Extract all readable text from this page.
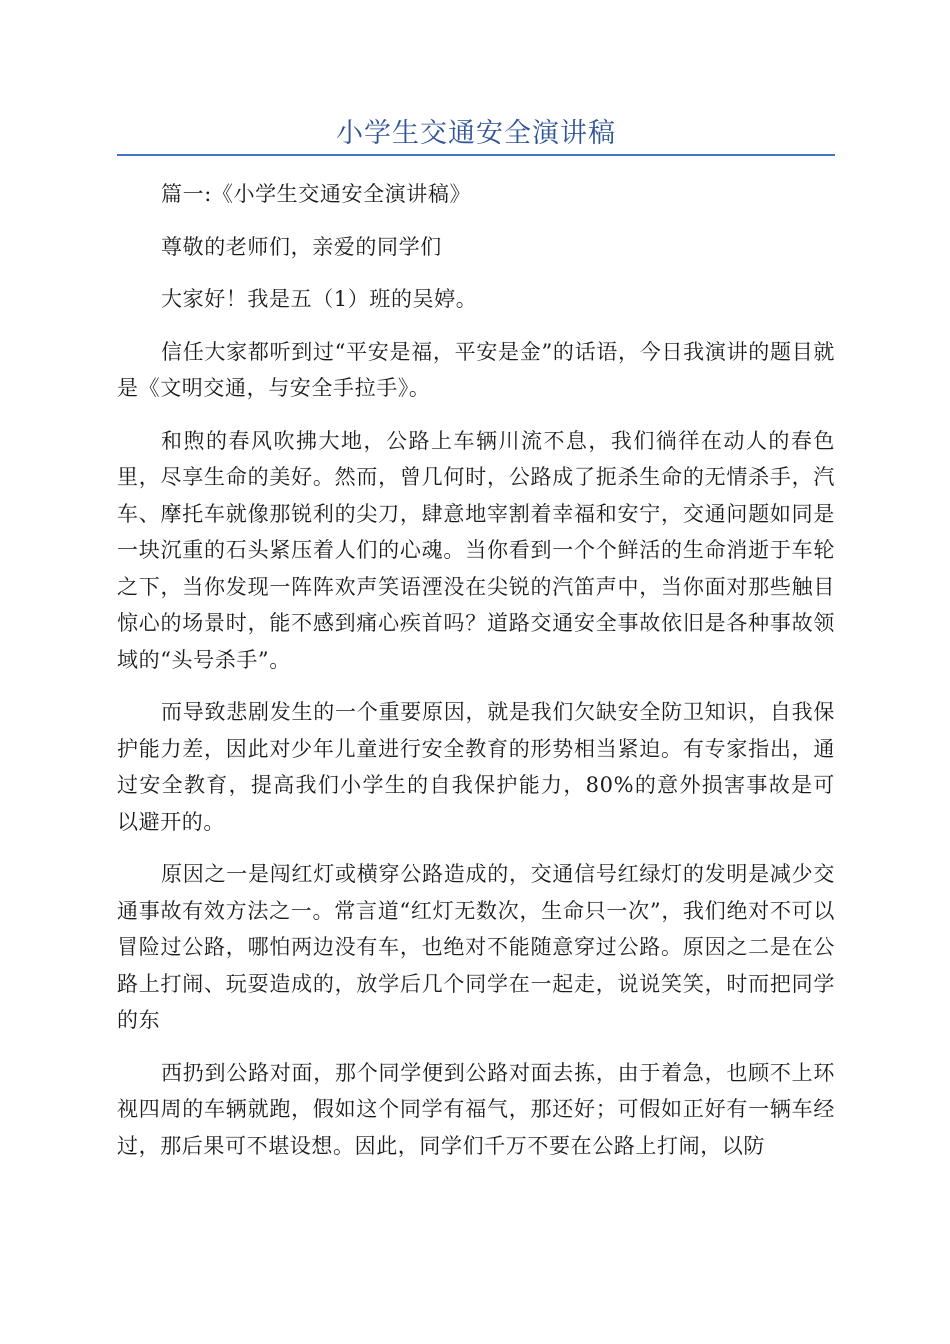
小学生交通安全演讲稿

篇一:《小学生交通安全演讲稿》

尊敬的老师们，亲爱的同学们

大家好！我是五（1）班的吴婷。

信任大家都听到过“平安是福，平安是金”的话语，今日我演讲的题目就是《文明交通，与安全手拉手》。

和煦的春风吹拂大地，公路上车辆川流不息，我们徜徉在动人的春色里，尽享生命的美好。然而，曾几何时，公路成了扼杀生命的无情杀手，汽车、摩托车就像那锐利的尖刀，肆意地宰割着幸福和安宁，交通问题如同是一块沉重的石头紧压着人们的心魂。当你看到一个个鲜活的生命消逝于车轮之下，当你发现一阵阵欢声笑语湮没在尖锐的汽笛声中，当你面对那些触目惊心的场景时，能不感到痛心疾首吗？道路交通安全事故依旧是各种事故领域的“头号杀手”。

而导致悲剧发生的一个重要原因，就是我们欠缺安全防卫知识，自我保护能力差，因此对少年儿童进行安全教育的形势相当紧迫。有专家指出，通过安全教育，提高我们小学生的自我保护能力，80%的意外损害事故是可以避开的。

原因之一是闯红灯或横穿公路造成的，交通信号红绿灯的发明是减少交通事故有效方法之一。常言道“红灯无数次，生命只一次”，我们绝对不可以冒险过公路，哪怕两边没有车，也绝对不能随意穿过公路。原因之二是在公路上打闹、玩耍造成的，放学后几个同学在一起走，说说笑笑，时而把同学的东

西扔到公路对面，那个同学便到公路对面去拣，由于着急，也顾不上环视四周的车辆就跑，假如这个同学有福气，那还好；可假如正好有一辆车经过，那后果可不堪设想。因此，同学们千万不要在公路上打闹，以防
